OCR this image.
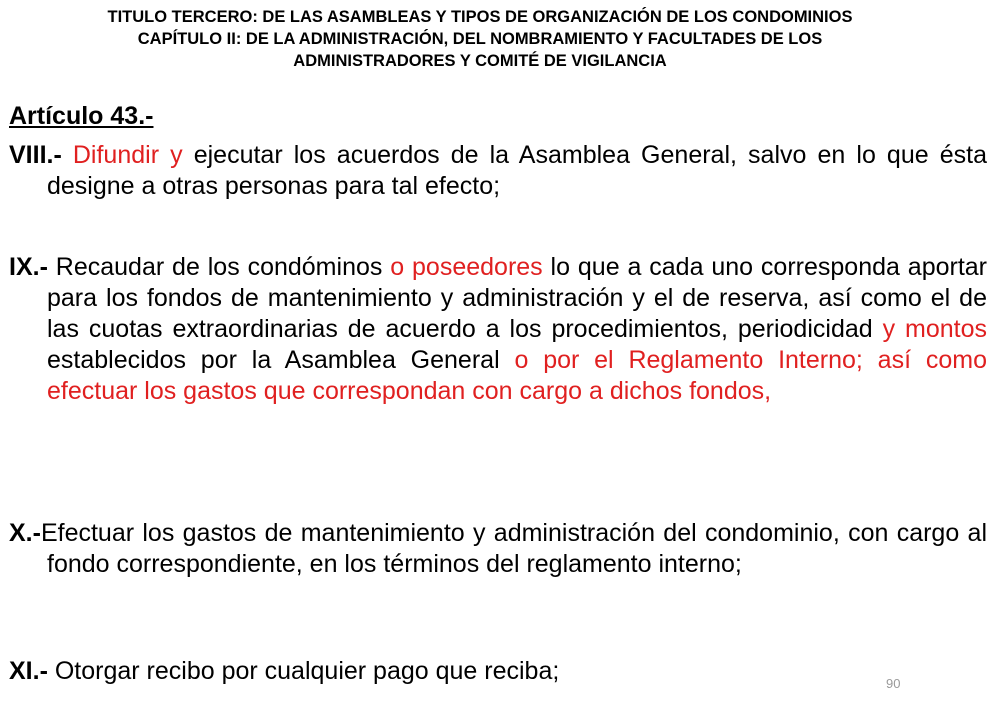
TITULO TERCERO: DE LAS ASAMBLEAS Y TIPOS DE ORGANIZACIÓN DE LOS CONDOMINIOS
CAPÍTULO II: DE LA ADMINISTRACIÓN, DEL NOMBRAMIENTO Y FACULTADES DE LOS
ADMINISTRADORES Y COMITÉ DE VIGILANCIA
Artículo 43.-
VIII.- Difundir y ejecutar los acuerdos de la Asamblea General, salvo en lo que ésta designe a otras personas para tal efecto;
IX.- Recaudar de los condóminos o poseedores lo que a cada uno corresponda aportar para los fondos de mantenimiento y administración y el de reserva, así como el de las cuotas extraordinarias de acuerdo a los procedimientos, periodicidad y montos establecidos por la Asamblea General o por el Reglamento Interno; así como efectuar los gastos que correspondan con cargo a dichos fondos,
X.-Efectuar los gastos de mantenimiento y administración del condominio, con cargo al fondo correspondiente, en los términos del reglamento interno;
XI.- Otorgar recibo por cualquier pago que reciba;	90
